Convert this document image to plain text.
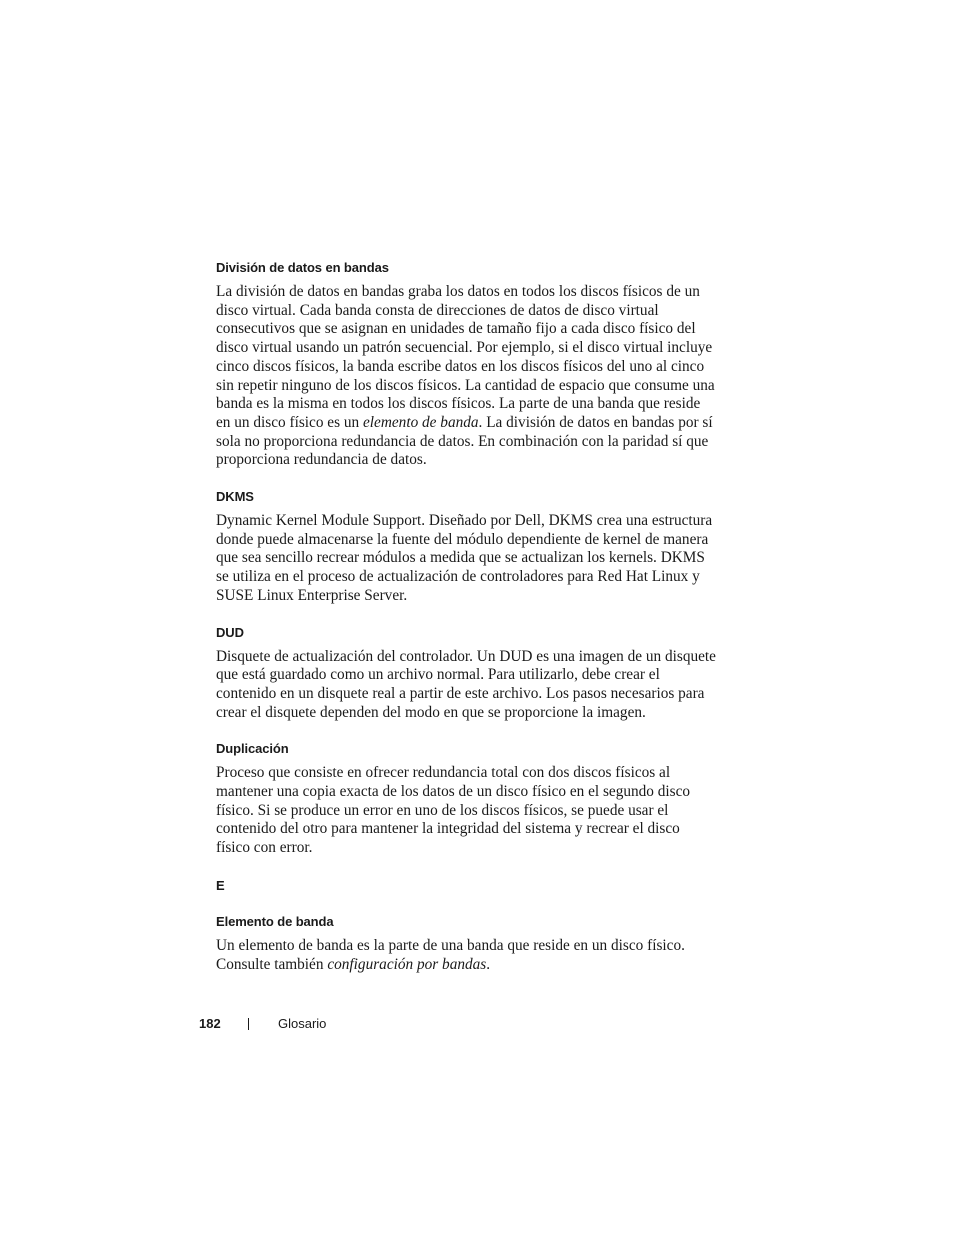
División de datos en bandas

La división de datos en bandas graba los datos en todos los discos físicos de un disco virtual. Cada banda consta de direcciones de datos de disco virtual consecutivos que se asignan en unidades de tamaño fijo a cada disco físico del disco virtual usando un patrón secuencial. Por ejemplo, si el disco virtual incluye cinco discos físicos, la banda escribe datos en los discos físicos del uno al cinco sin repetir ninguno de los discos físicos. La cantidad de espacio que consume una banda es la misma en todos los discos físicos. La parte de una banda que reside en un disco físico es un elemento de banda. La división de datos en bandas por sí sola no proporciona redundancia de datos. En combinación con la paridad sí que proporciona redundancia de datos.

DKMS

Dynamic Kernel Module Support. Diseñado por Dell, DKMS crea una estructura donde puede almacenarse la fuente del módulo dependiente de kernel de manera que sea sencillo recrear módulos a medida que se actualizan los kernels. DKMS se utiliza en el proceso de actualización de controladores para Red Hat Linux y SUSE Linux Enterprise Server.

DUD

Disquete de actualización del controlador. Un DUD es una imagen de un disquete que está guardado como un archivo normal. Para utilizarlo, debe crear el contenido en un disquete real a partir de este archivo. Los pasos necesarios para crear el disquete dependen del modo en que se proporcione la imagen.

Duplicación

Proceso que consiste en ofrecer redundancia total con dos discos físicos al mantener una copia exacta de los datos de un disco físico en el segundo disco físico. Si se produce un error en uno de los discos físicos, se puede usar el contenido del otro para mantener la integridad del sistema y recrear el disco físico con error.

E
Elemento de banda

Un elemento de banda es la parte de una banda que reside en un disco físico. Consulte también configuración por bandas.

182	Glosario
